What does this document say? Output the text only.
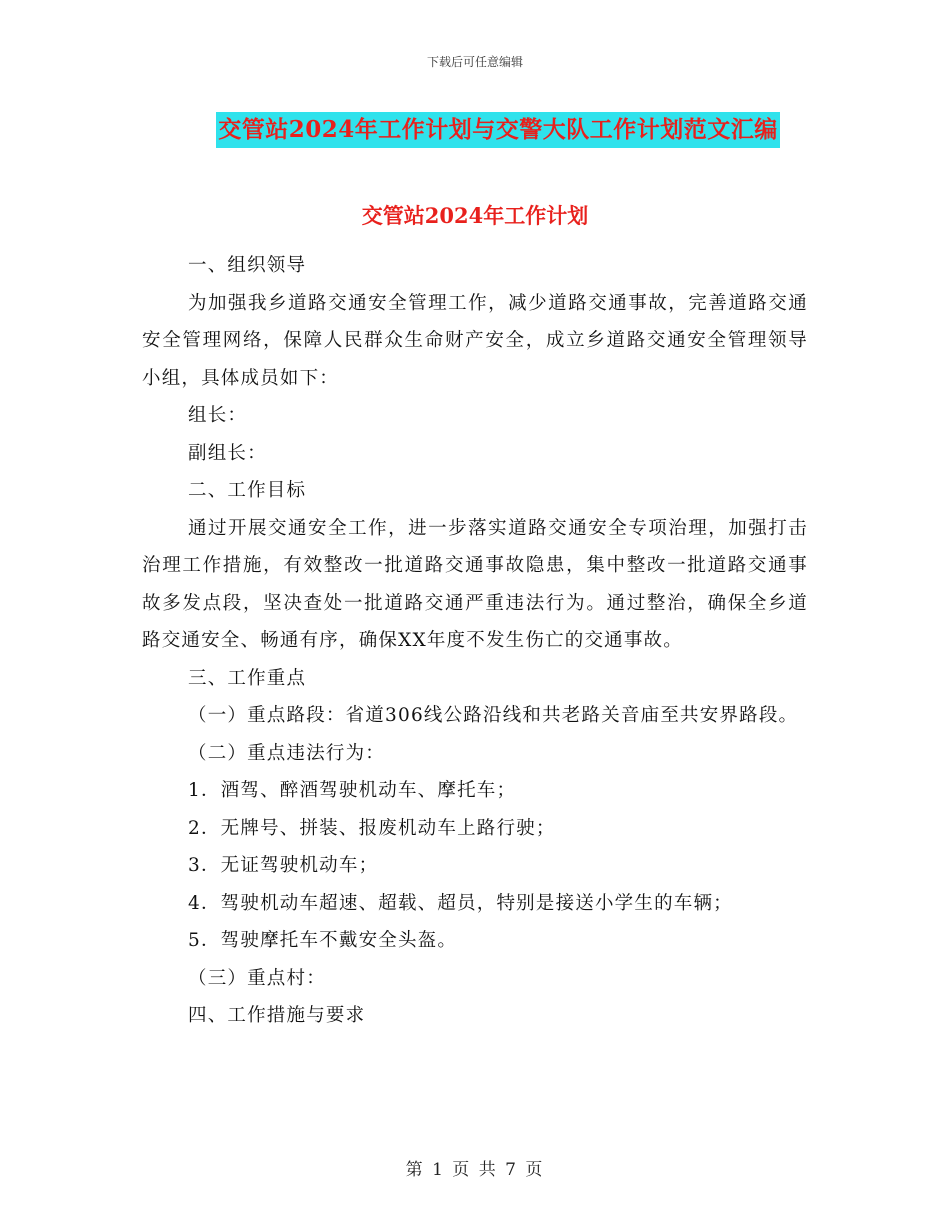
下载后可任意编辑
交管站2024年工作计划与交警大队工作计划范文汇编
交管站2024年工作计划

一、组织领导

为加强我乡道路交通安全管理工作，减少道路交通事故，完善道路交通安全管理网络，保障人民群众生命财产安全，成立乡道路交通安全管理领导小组，具体成员如下：

组长：

副组长：

二、工作目标

通过开展交通安全工作，进一步落实道路交通安全专项治理，加强打击治理工作措施，有效整改一批道路交通事故隐患，集中整改一批道路交通事故多发点段，坚决查处一批道路交通严重违法行为。通过整治，确保全乡道路交通安全、畅通有序，确保XX年度不发生伤亡的交通事故。

三、工作重点

（一）重点路段：省道306线公路沿线和共老路关音庙至共安界路段。

（二）重点违法行为：

1．酒驾、醉酒驾驶机动车、摩托车；

2．无牌号、拼装、报废机动车上路行驶；

3．无证驾驶机动车；

4．驾驶机动车超速、超载、超员，特别是接送小学生的车辆；

5．驾驶摩托车不戴安全头盔。

（三）重点村：

四、工作措施与要求

第 1 页 共 7 页
